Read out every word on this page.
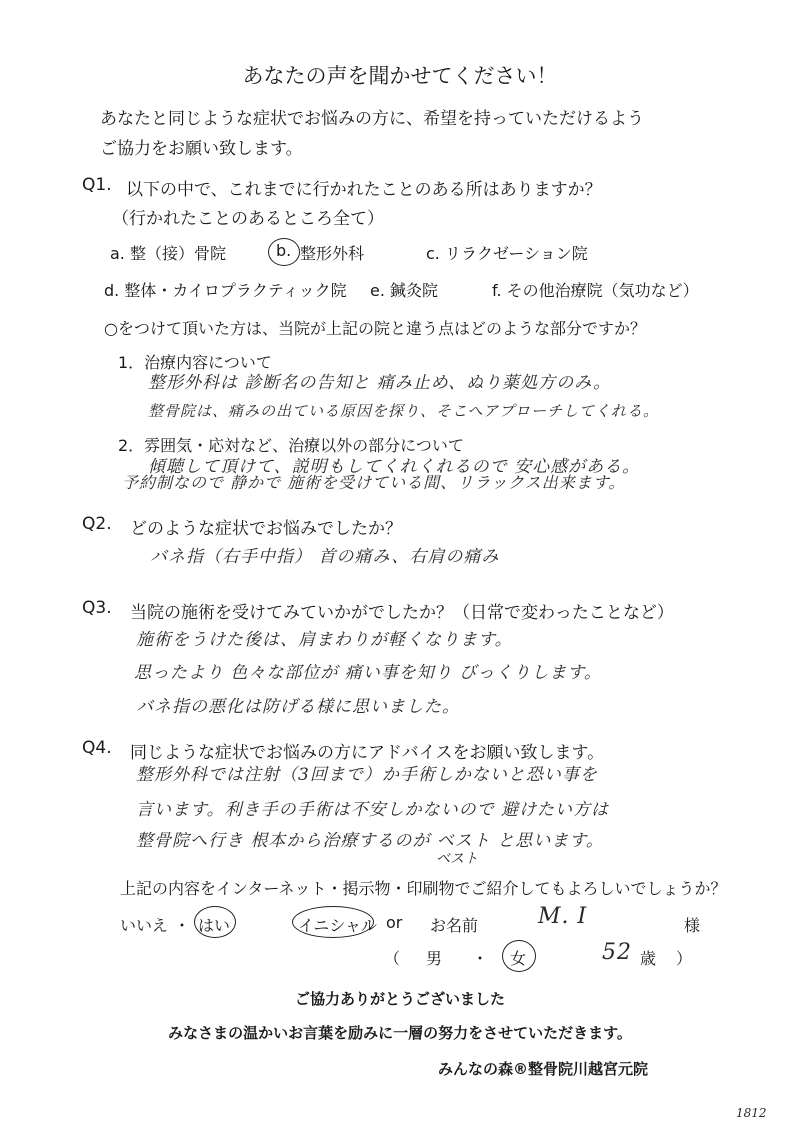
あなたの声を聞かせてください！
あなたと同じような症状でお悩みの方に、希望を持っていただけるよう
ご協力をお願い致します。
Q1. 以下の中で、これまでに行かれたことのある所はありますか？
（行かれたことのあるところ全て）
a. 整（接）骨院	b. 整形外科	c. リラクゼーション院
d. 整体・カイロプラクティック院 e. 鍼灸院	f. その他治療院（気功など）
○をつけて頂いた方は、当院が上記の院と違う点はどのような部分ですか？
1．治療内容について
整形外科は 診断名の告知と 痛み止め、ぬり薬処方のみ。
整骨院は、痛みの出ている原因を探り、そこへアプローチしてくれる。
2．雰囲気・応対など、治療以外の部分について
傾聴して頂けて、説明もしてくれくれるので 安心感がある。
予約制なので 静かで 施術を受けている間、リラックス出来ます。
Q2. どのような症状でお悩みでしたか？
バネ指（右手中指） 首の痛み、右肩の痛み
Q3. 当院の施術を受けてみていかがでしたか？（日常で変わったことなど）
施術をうけた後は、肩まわりが軽くなります。
思ったより 色々な部位が 痛い事を知り びっくりします。
バネ指の悪化は防げる様に思いました。
Q4. 同じような症状でお悩みの方にアドバイスをお願い致します。
整形外科では注射（3回まで）か手術しかないと恐い事を
言います。利き手の手術は不安しかないので 避けたい方は
整骨院へ行き 根本から治療するのが ベスト と思います。
ベスト
上記の内容をインターネット・掲示物・印刷物でご紹介してもよろしいでしょうか？
いいえ ・ はい	イニシャル or お名前	M. I	様
（ 男 ・ 女	52 歳 ）
ご協力ありがとうございました
みなさまの温かいお言葉を励みに一層の努力をさせていただきます。
みんなの森®整骨院川越宮元院
1812
